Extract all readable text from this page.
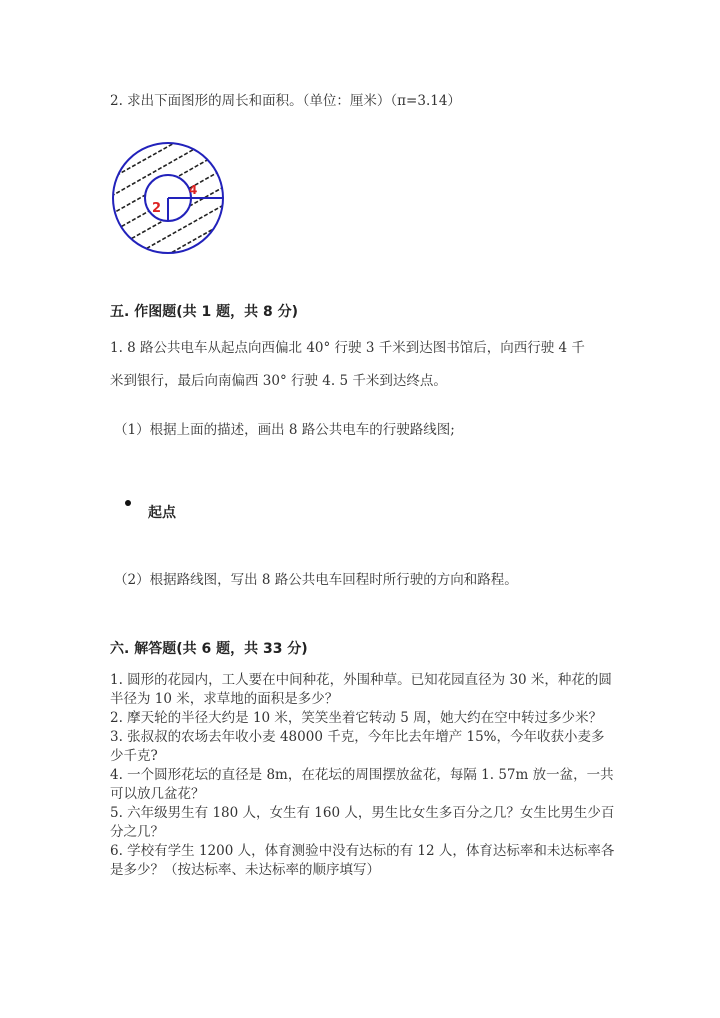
2. 求出下面图形的周长和面积。（单位：厘米）（π=3.14）
2
4
五. 作图题(共 1 题，共 8 分)
1. 8 路公共电车从起点向西偏北 40° 行驶 3 千米到达图书馆后，向西行驶 4 千
米到银行，最后向南偏西 30° 行驶 4. 5 千米到达终点。
（1）根据上面的描述，画出 8 路公共电车的行驶路线图;
起点
（2）根据路线图，写出 8 路公共电车回程时所行驶的方向和路程。
六. 解答题(共 6 题，共 33 分)
1. 圆形的花园内，工人要在中间种花，外围种草。已知花园直径为 30 米，种花的圆半径为 10 米，求草地的面积是多少？
2. 摩天轮的半径大约是 10 米，笑笑坐着它转动 5 周，她大约在空中转过多少米？
3. 张叔叔的农场去年收小麦 48000 千克，今年比去年增产 15%，今年收获小麦多少千克?
4. 一个圆形花坛的直径是 8m，在花坛的周围摆放盆花，每隔 1. 57m 放一盆，一共可以放几盆花？
5. 六年级男生有 180 人，女生有 160 人，男生比女生多百分之几？女生比男生少百分之几？
6. 学校有学生 1200 人，体育测验中没有达标的有 12 人，体育达标率和未达标率各是多少？（按达标率、未达标率的顺序填写）
